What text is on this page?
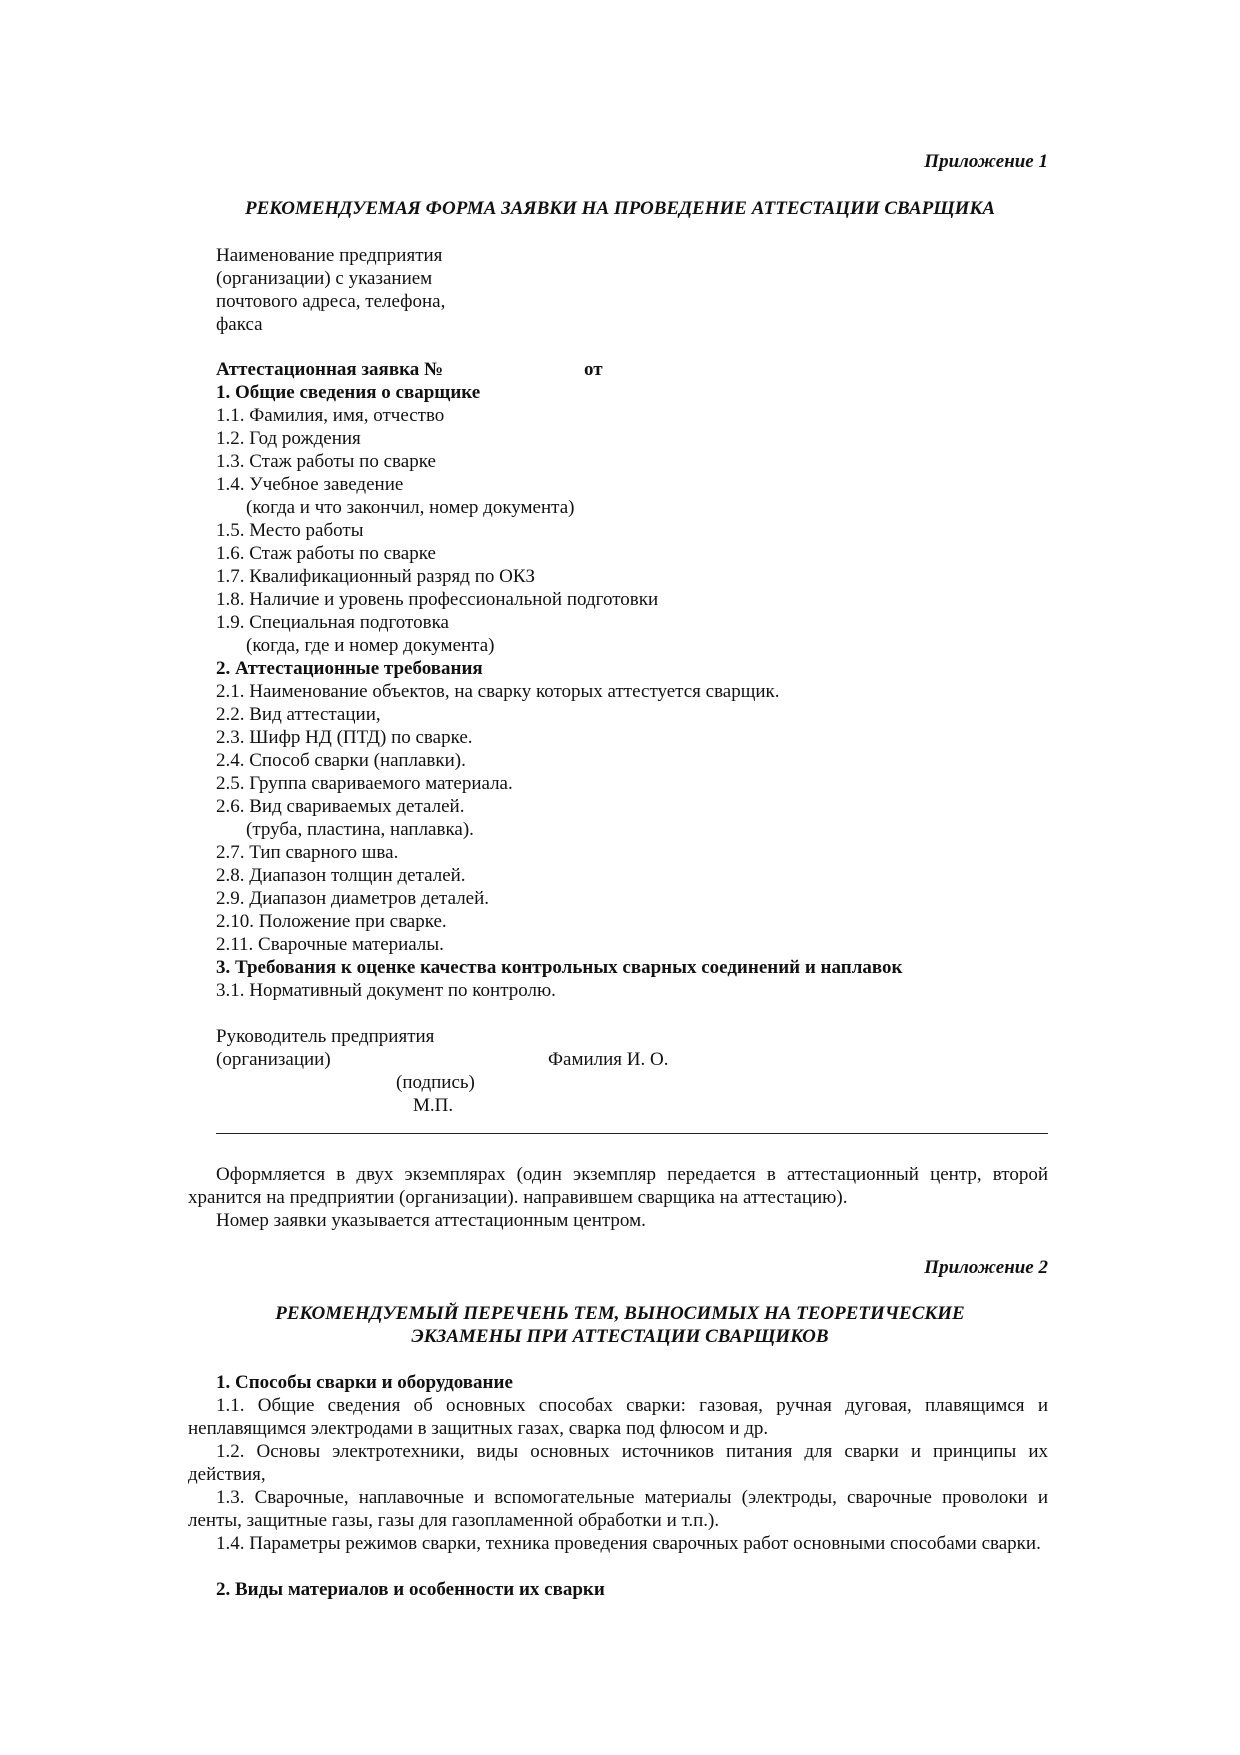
Приложение 1
РЕКОМЕНДУЕМАЯ ФОРМА ЗАЯВКИ НА ПРОВЕДЕНИЕ АТТЕСТАЦИИ СВАРЩИКА
Наименование предприятия
(организации) с указанием
почтового адреса, телефона,
факса
Аттестационная заявка №	от
1. Общие сведения о сварщике
1.1. Фамилия, имя, отчество
1.2. Год рождения
1.3. Стаж работы по сварке
1.4. Учебное заведение
(когда и что закончил, номер документа)
1.5. Место работы
1.6. Стаж работы по сварке
1.7. Квалификационный разряд по ОКЗ
1.8. Наличие и уровень профессиональной подготовки
1.9. Специальная подготовка
(когда, где и номер документа)
2. Аттестационные требования
2.1. Наименование объектов, на сварку которых аттестуется сварщик.
2.2. Вид аттестации,
2.3. Шифр НД (ПТД) по сварке.
2.4. Способ сварки (наплавки).
2.5. Группа свариваемого материала.
2.6. Вид свариваемых деталей.
(труба, пластина, наплавка).
2.7. Тип сварного шва.
2.8. Диапазон толщин деталей.
2.9. Диапазон диаметров деталей.
2.10. Положение при сварке.
2.11. Сварочные материалы.
3. Требования к оценке качества контрольных сварных соединений и наплавок
3.1. Нормативный документ по контролю.
Руководитель предприятия
(организации)	Фамилия И. О.
(подпись)
М.П.
Оформляется в двух экземплярах (один экземпляр передается в аттестационный центр, второй хранится на предприятии (организации). направившем сварщика на аттестацию).
Номер заявки указывается аттестационным центром.
Приложение 2
РЕКОМЕНДУЕМЫЙ ПЕРЕЧЕНЬ ТЕМ, ВЫНОСИМЫХ НА ТЕОРЕТИЧЕСКИЕ
ЭКЗАМЕНЫ ПРИ АТТЕСТАЦИИ СВАРЩИКОВ
1. Способы сварки и оборудование
1.1. Общие сведения об основных способах сварки: газовая, ручная дуговая, плавящимся и неплавящимся электродами в защитных газах, сварка под флюсом и др.
1.2. Основы электротехники, виды основных источников питания для сварки и принципы их действия,
1.3. Сварочные, наплавочные и вспомогательные материалы (электроды, сварочные проволоки и ленты, защитные газы, газы для газопламенной обработки и т.п.).
1.4. Параметры режимов сварки, техника проведения сварочных работ основными способами сварки.
2. Виды материалов и особенности их сварки
